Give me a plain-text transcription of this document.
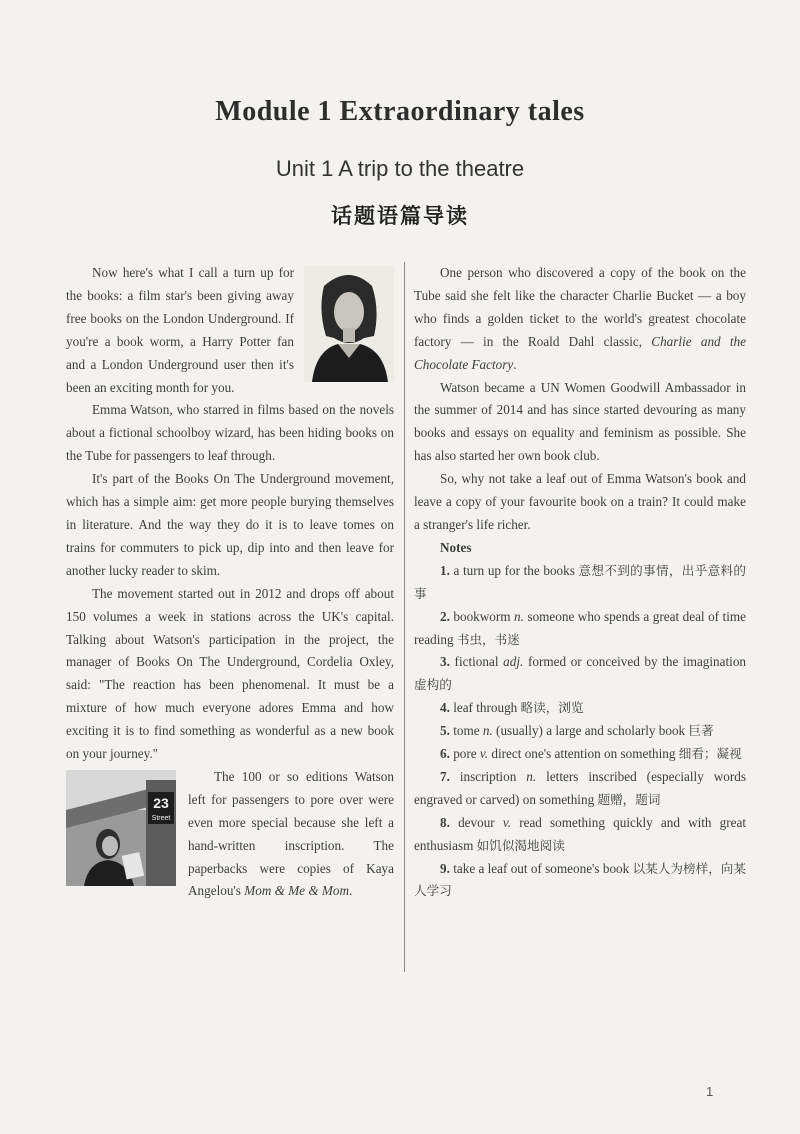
Module 1 Extraordinary tales
Unit 1 A trip to the theatre
话题语篇导读

Now here's what I call a turn up for the books: a film star's been giving away free books on the London Underground. If you're a book worm, a Harry Potter fan and a London Underground user then it's been an exciting month for you.

Emma Watson, who starred in films based on the novels about a fictional schoolboy wizard, has been hiding books on the Tube for passengers to leaf through.

It's part of the Books On The Underground movement, which has a simple aim: get more people burying themselves in literature. And the way they do it is to leave tomes on trains for commuters to pick up, dip into and then leave for another lucky reader to skim.

The movement started out in 2012 and drops off about 150 volumes a week in stations across the UK's capital. Talking about Watson's participation in the project, the manager of Books On The Underground, Cordelia Oxley, said: "The reaction has been phenomenal. It must be a mixture of how much everyone adores Emma and how exciting it is to find something as wonderful as a new book on your journey."

23
Street

The 100 or so editions Watson left for passengers to pore over were even more special because she left a hand-written inscription. The paperbacks were copies of Kaya Angelou's Mom & Me & Mom.

One person who discovered a copy of the book on the Tube said she felt like the character Charlie Bucket — a boy who finds a golden ticket to the world's greatest chocolate factory — in the Roald Dahl classic, Charlie and the Chocolate Factory.

Watson became a UN Women Goodwill Ambassador in the summer of 2014 and has since started devouring as many books and essays on equality and feminism as possible. She has also started her own book club.

So, why not take a leaf out of Emma Watson's book and leave a copy of your favourite book on a train? It could make a stranger's life richer.

Notes

1. a turn up for the books 意想不到的事情，出乎意料的事

2. bookworm n. someone who spends a great deal of time reading 书虫，书迷

3. fictional adj. formed or conceived by the imagination 虚构的

4. leaf through 略读，浏览

5. tome n. (usually) a large and scholarly book 巨著

6. pore v. direct one's attention on something 细看；凝视

7. inscription n. letters inscribed (especially words engraved or carved) on something 题赠，题词

8. devour v. read something quickly and with great enthusiasm 如饥似渴地阅读

9. take a leaf out of someone's book 以某人为榜样，向某人学习

1
